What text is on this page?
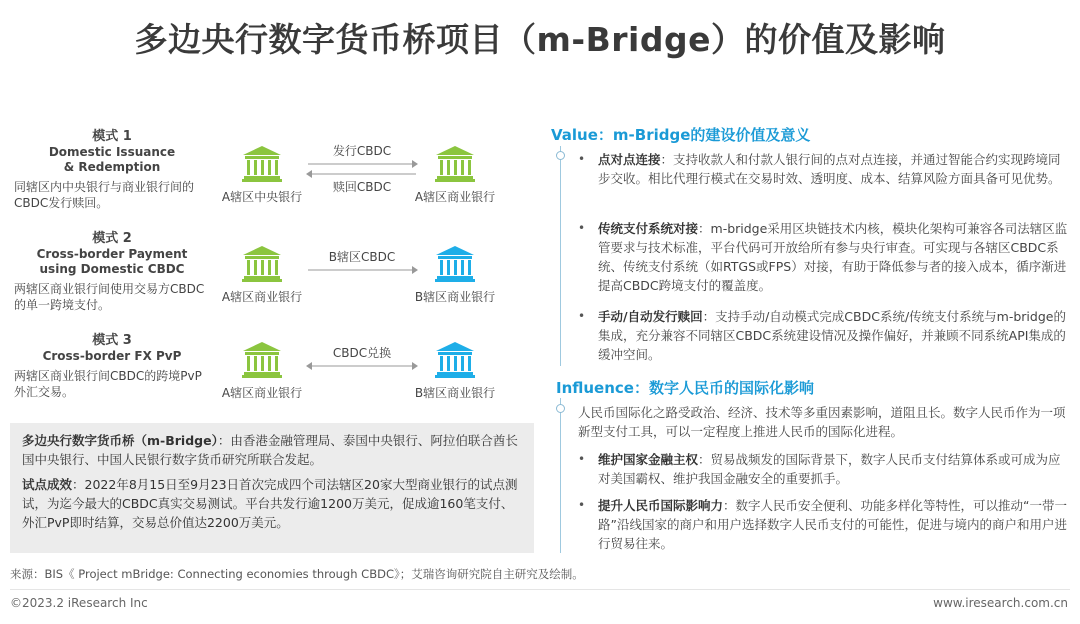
多边央行数字货币桥项目（m-Bridge）的价值及影响
模式 1
Domestic Issuance
& Redemption
同辖区内中央银行与商业银行间的CBDC发行赎回。	A辖区中央银行	A辖区商业银行
发行CBDC
赎回CBDC
模式 2
Cross-border Payment
using Domestic CBDC
两辖区商业银行间使用交易方CBDC的单一跨境支付。
A辖区商业银行	B辖区商业银行
B辖区CBDC
模式 3
Cross-border FX PvP
两辖区商业银行间CBDC的跨境PvP外汇交易。	A辖区商业银行	B辖区商业银行
CBDC兑换

多边央行数字货币桥（m-Bridge）：由香港金融管理局、泰国中央银行、阿拉伯联合酋长国中央银行、中国人民银行数字货币研究所联合发起。

试点成效：2022年8月15日至9月23日首次完成四个司法辖区20家大型商业银行的试点测试，为迄今最大的CBDC真实交易测试。平台共发行逾1200万美元，促成逾160笔支付、外汇PvP即时结算，交易总价值达2200万美元。

Value：m-Bridge的建设价值及意义
• 点对点连接：支持收款人和付款人银行间的点对点连接，并通过智能合约实现跨境同步交收。相比代理行模式在交易时效、透明度、成本、结算风险方面具备可见优势。
• 传统支付系统对接：m-bridge采用区块链技术内核，模块化架构可兼容各司法辖区监管要求与技术标准，平台代码可开放给所有参与央行审查。可实现与各辖区CBDC系统、传统支付系统（如RTGS或FPS）对接，有助于降低参与者的接入成本，循序渐进提高CBDC跨境支付的覆盖度。
• 手动/自动发行赎回：支持手动/自动模式完成CBDC系统/传统支付系统与m-bridge的集成，充分兼容不同辖区CBDC系统建设情况及操作偏好，并兼顾不同系统API集成的缓冲空间。
Influence：数字人民币的国际化影响
人民币国际化之路受政治、经济、技术等多重因素影响，道阻且长。数字人民币作为一项新型支付工具，可以一定程度上推进人民币的国际化进程。
• 维护国家金融主权：贸易战频发的国际背景下，数字人民币支付结算体系或可成为应对美国霸权、维护我国金融安全的重要抓手。
• 提升人民币国际影响力：数字人民币安全便利、功能多样化等特性，可以推动“一带一路”沿线国家的商户和用户选择数字人民币支付的可能性，促进与境内的商户和用户进行贸易往来。
来源：BIS《 Project mBridge: Connecting economies through CBDC》；艾瑞咨询研究院自主研究及绘制。
©2023.2 iResearch Inc	www.iresearch.com.cn
